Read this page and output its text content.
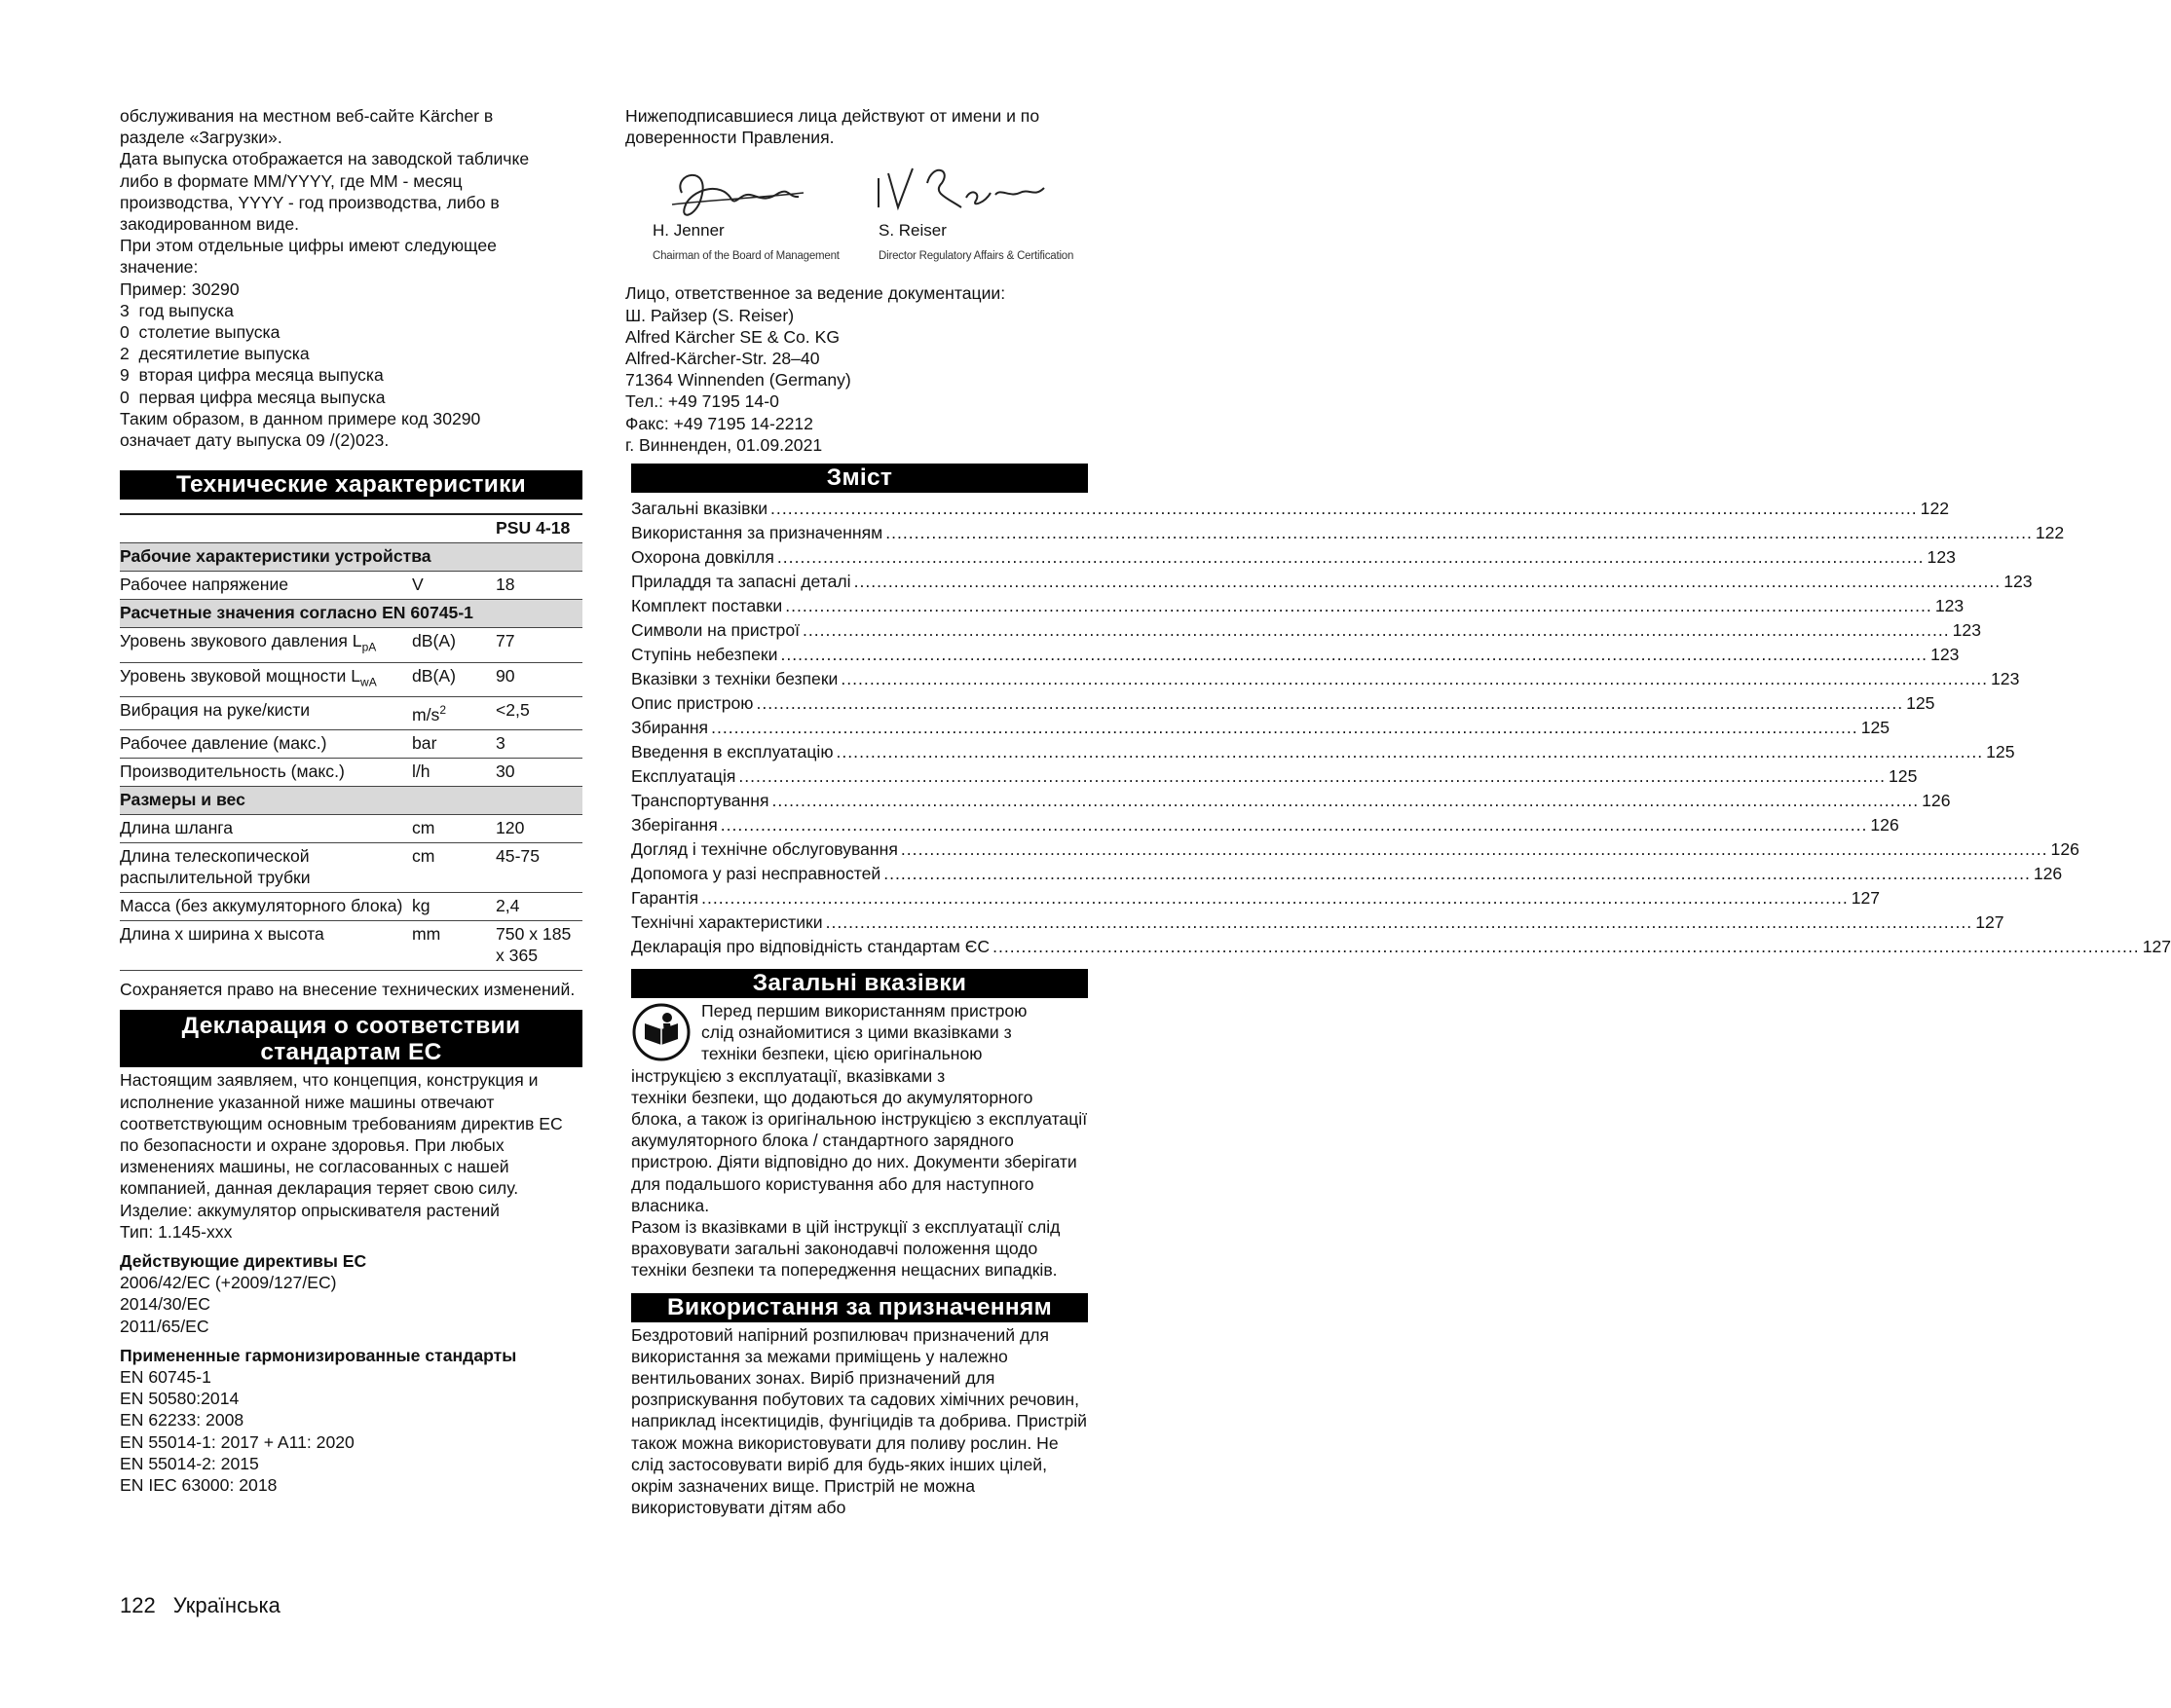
обслуживания на местном веб-сайте Kärcher в
разделе «Загрузки».
Дата выпуска отображается на заводской табличке
либо в формате MM/YYYY, где MM - месяц
производства, YYYY - год производства, либо в
закодированном виде.
При этом отдельные цифры имеют следующее
значение:
Пример: 30290
3  год выпуска
0  столетие выпуска
2  десятилетие выпуска
9  вторая цифра месяца выпуска
0  первая цифра месяца выпуска
Таким образом, в данном примере код 30290
означает дату выпуска 09 /(2)023.
Технические характеристики
		PSU 4-18
Рабочие характеристики устройства		
Рабочее напряжение	V	18
Расчетные значения согласно EN 60745-1		
Уровень звукового давления $L_{pA}$	dB(A)	77
Уровень звуковой мощности $L_{wA}$	dB(A)	90
Вибрация на руке/кисти	$m/s^2$	<2,5
Рабочее давление (макс.)	bar	3
Производительность (макс.)	l/h	30
Размеры и вес		
Длина шланга	cm	120
Длина телескопической распылительной трубки	cm	45-75
Масса (без аккумуляторного блока)	kg	2,4
Длина x ширина x высота	mm	750 x 185 x 365

Сохраняется право на внесение технических изменений.

Декларация о соответствии
стандартам ЕС

Настоящим заявляем, что концепция, конструкция и исполнение указанной ниже машины отвечают соответствующим основным требованиям директив ЕС по безопасности и охране здоровья. При любых изменениях машины, не согласованных с нашей компанией, данная декларация теряет свою силу.

Изделие: аккумулятор опрыскивателя растений

Тип: 1.145-xxx

Действующие директивы ЕС

2006/42/EC (+2009/127/EC)
2014/30/EC
2011/65/EC

Примененные гармонизированные стандарты

EN 60745-1
EN 50580:2014
EN 62233: 2008
EN 55014-1: 2017 + A11: 2020
EN 55014-2: 2015
EN IEC 63000: 2018
Нижеподписавшиеся лица действуют от имени и по
доверенности Правления.
H. Jenner
Chairman of the Board of Management
S. Reiser
Director Regulatory Affairs & Certification
Лицо, ответственное за ведение документации:
Ш. Райзер (S. Reiser)
Alfred Kärcher SE & Co. KG
Alfred-Kärcher-Str. 28–40
71364 Winnenden (Germany)
Тел.: +49 7195 14-0
Факс: +49 7195 14-2212
г. Винненден, 01.09.2021
Зміст
Загальні вказівки ........................................................................................................................................................................................................ 122
Використання за призначенням ........................................................................................................................................................................................................ 122
Охорона довкілля ........................................................................................................................................................................................................ 123
Приладдя та запасні деталі ........................................................................................................................................................................................................ 123
Комплект поставки ........................................................................................................................................................................................................ 123
Символи на пристрої ........................................................................................................................................................................................................ 123
Ступінь небезпеки ........................................................................................................................................................................................................ 123
Вказівки з техніки безпеки ........................................................................................................................................................................................................ 123
Опис пристрою ........................................................................................................................................................................................................ 125
Збирання ........................................................................................................................................................................................................ 125
Введення в експлуатацію ........................................................................................................................................................................................................ 125
Експлуатація ........................................................................................................................................................................................................ 125
Транспортування ........................................................................................................................................................................................................ 126
Зберігання ........................................................................................................................................................................................................ 126
Догляд і технічне обслуговування ........................................................................................................................................................................................................ 126
Допомога у разі несправностей ........................................................................................................................................................................................................ 126
Гарантія ........................................................................................................................................................................................................ 127
Технічні характеристики ........................................................................................................................................................................................................ 127
Декларація про відповідність стандартам ЄС ........................................................................................................................................................................................................ 127
Загальні вказівки
Перед першим використанням пристрою
слід ознайомитися з цими вказівками з
техніки безпеки, цією оригінальною
інструкцією з експлуатації, вказівками з

техніки безпеки, що додаються до акумуляторного блока, а також із оригінальною інструкцією з експлуатації акумуляторного блока / стандартного зарядного пристрою. Діяти відповідно до них. Документи зберігати для подальшого користування або для наступного власника.

Разом із вказівками в цій інструкції з експлуатації слід враховувати загальні законодавчі положення щодо техніки безпеки та попередження нещасних випадків.

Використання за призначенням

Бездротовий напірний розпилювач призначений для використання за межами приміщень у належно вентильованих зонах. Виріб призначений для розприскування побутових та садових хімічних речовин, наприклад інсектицидів, фунгіцидів та добрива. Пристрій також можна використовувати для поливу рослин. Не слід застосовувати виріб для будь-яких інших цілей, окрім зазначених вище. Пристрій не можна використовувати дітям або

122 Українська
